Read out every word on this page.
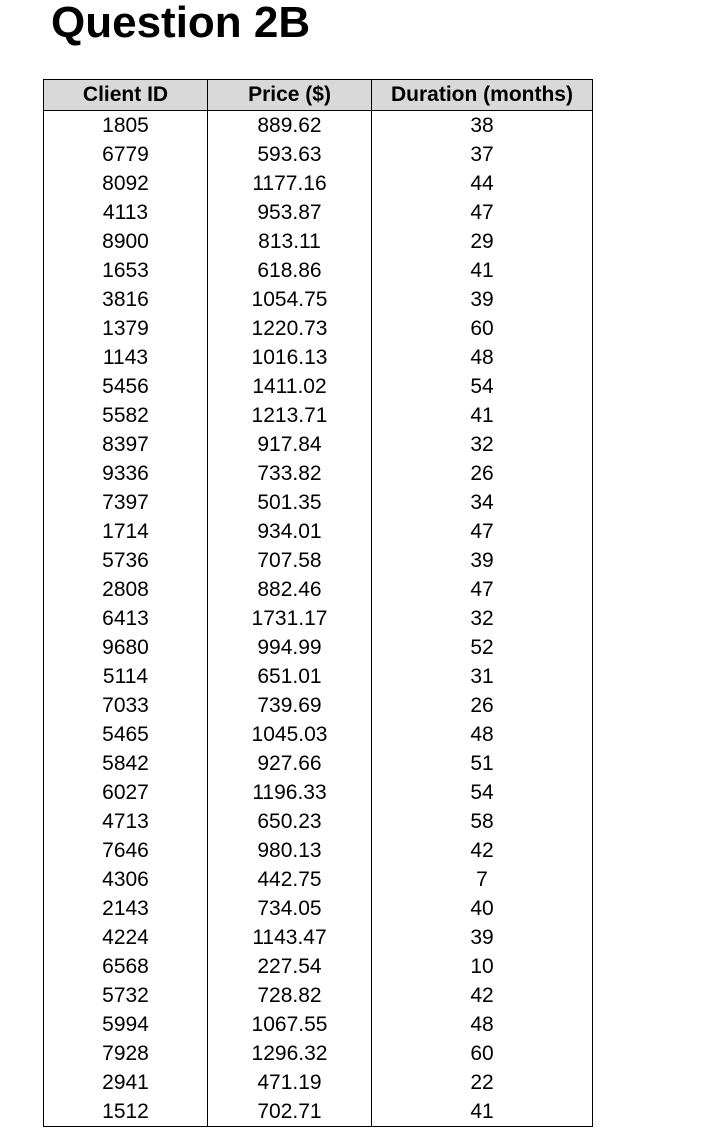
Question 2B
Client ID	Price ($)	Duration (months)
1805	889.62	38
6779	593.63	37
8092	1177.16	44
4113	953.87	47
8900	813.11	29
1653	618.86	41
3816	1054.75	39
1379	1220.73	60
1143	1016.13	48
5456	1411.02	54
5582	1213.71	41
8397	917.84	32
9336	733.82	26
7397	501.35	34
1714	934.01	47
5736	707.58	39
2808	882.46	47
6413	1731.17	32
9680	994.99	52
5114	651.01	31
7033	739.69	26
5465	1045.03	48
5842	927.66	51
6027	1196.33	54
4713	650.23	58
7646	980.13	42
4306	442.75	7
2143	734.05	40
4224	1143.47	39
6568	227.54	10
5732	728.82	42
5994	1067.55	48
7928	1296.32	60
2941	471.19	22
1512	702.71	41
